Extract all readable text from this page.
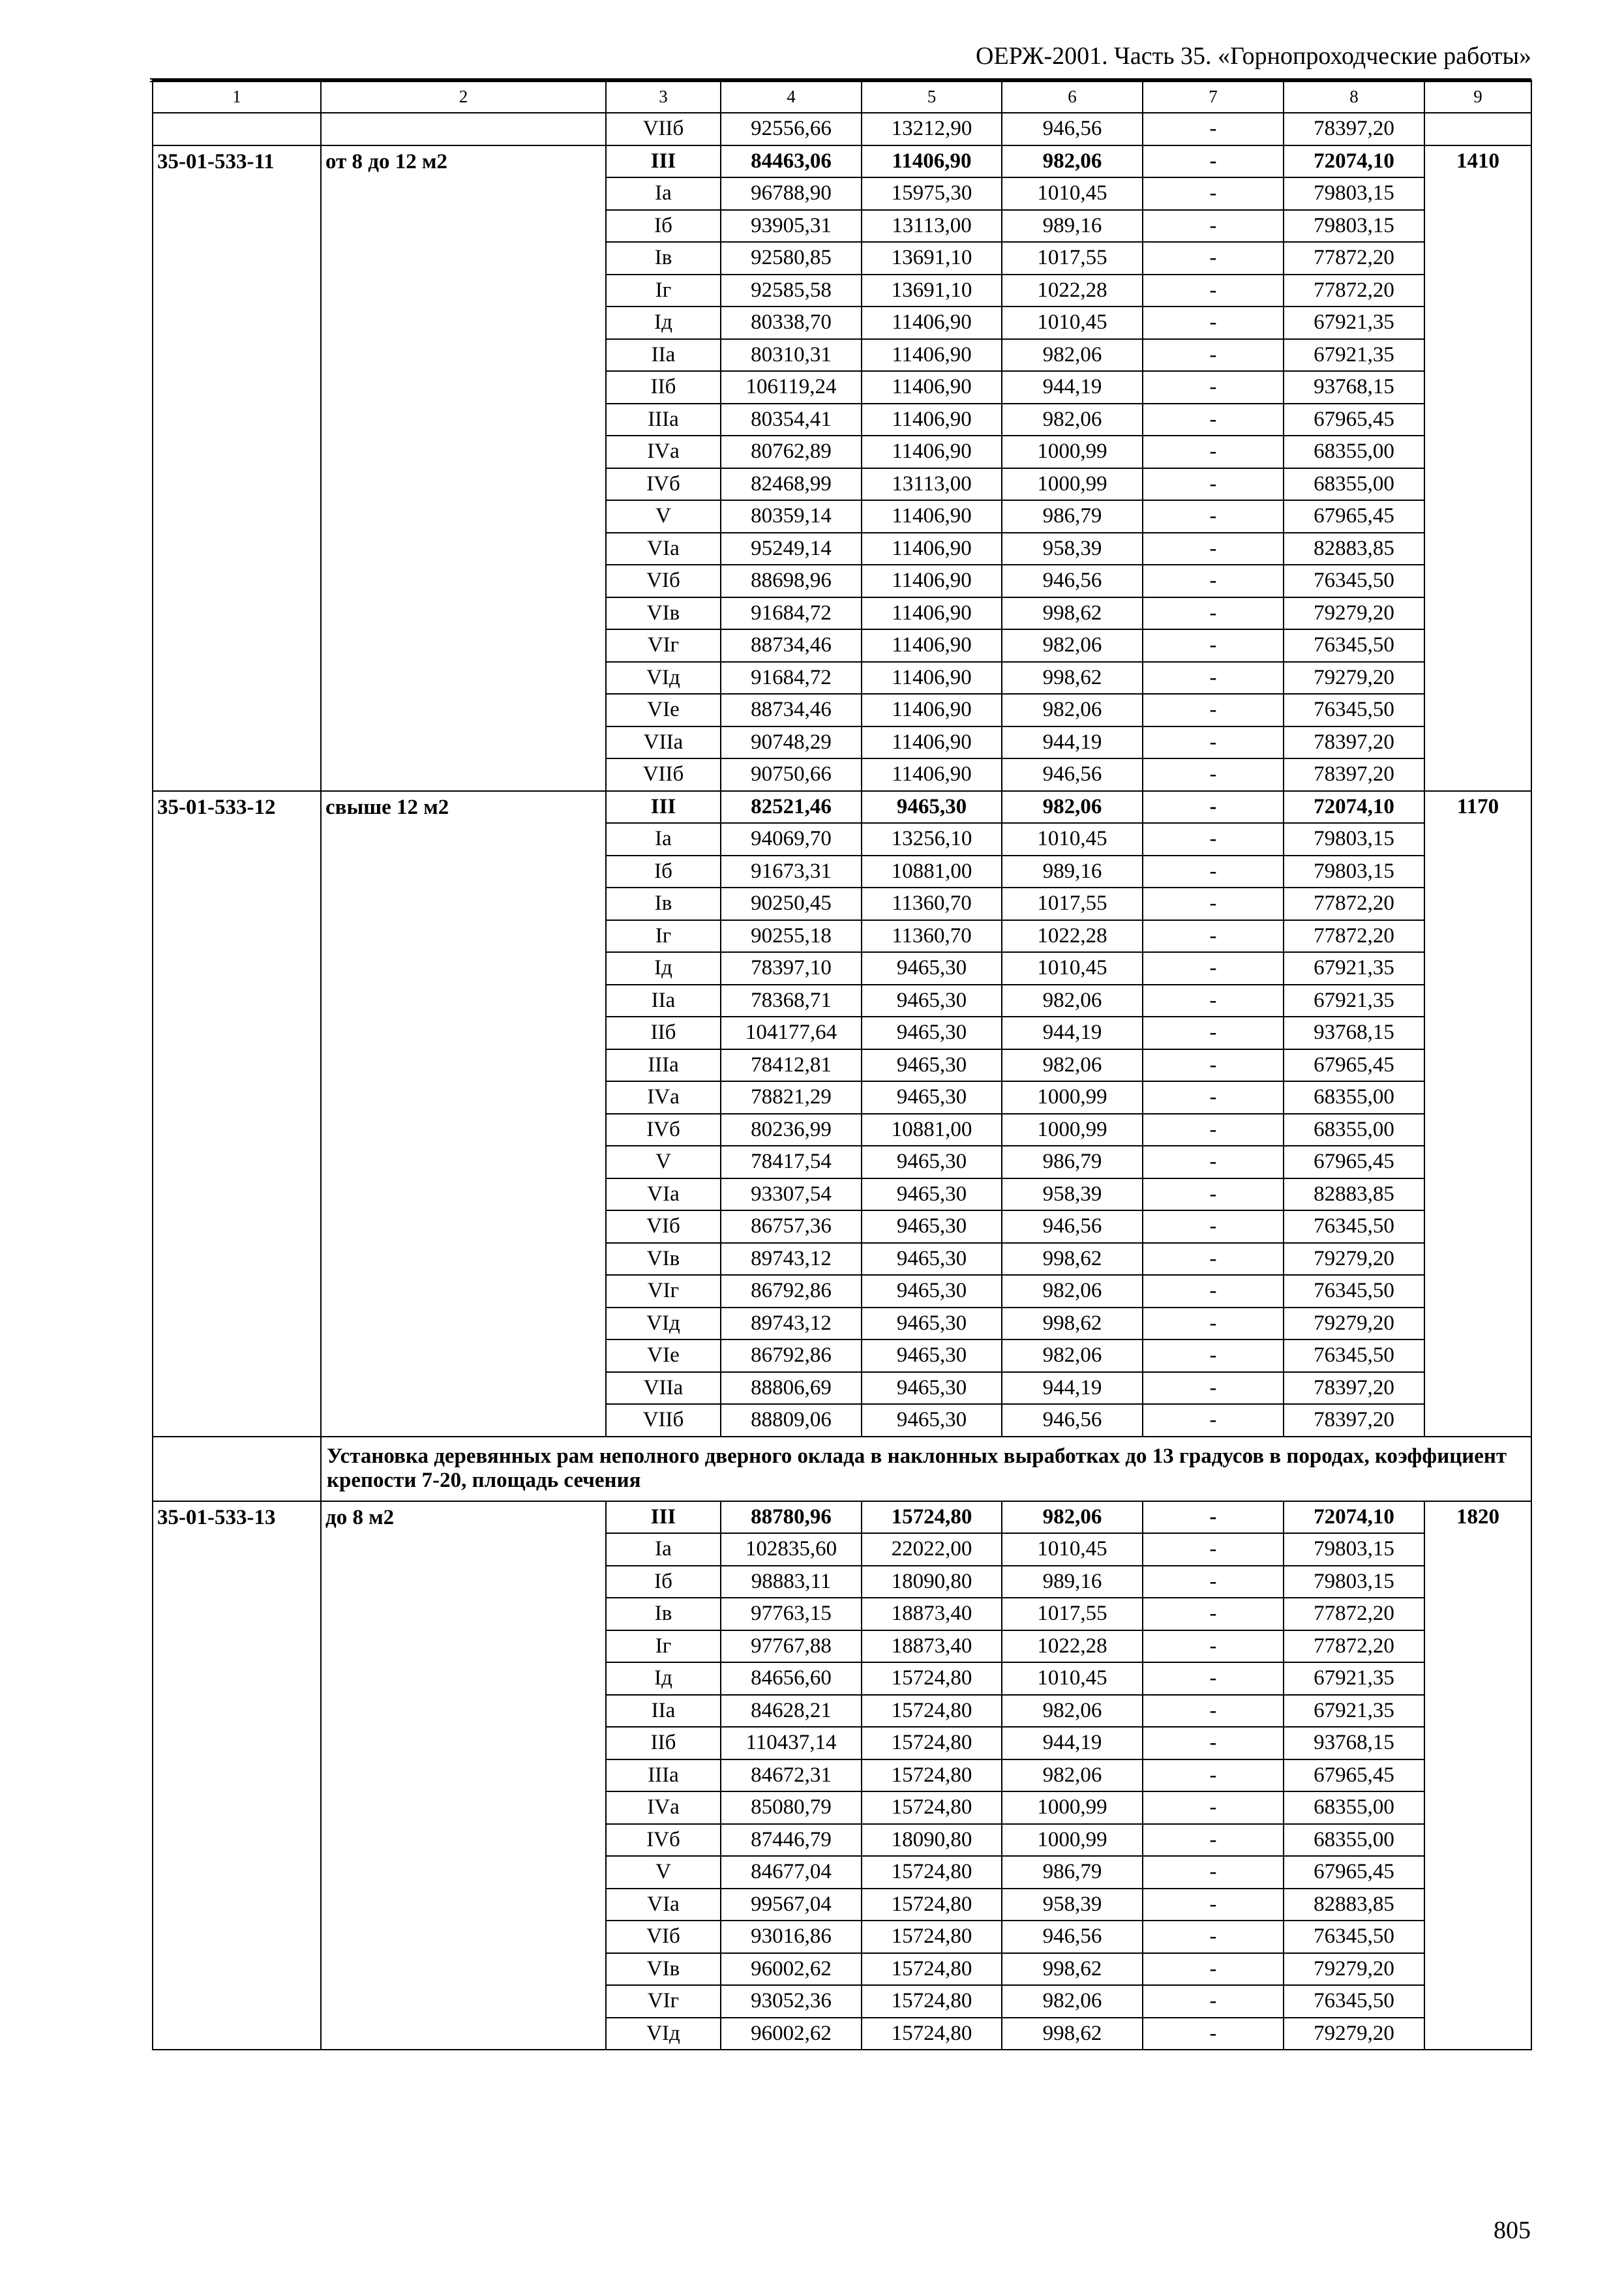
ОЕРЖ-2001. Часть 35. «Горнопроходческие работы»
1	2	3	4	5	6	7	8	9
		VIIб	92556,66	13212,90	946,56	-	78397,20	
35-01-533-11	от 8 до 12 м2	III	84463,06	11406,90	982,06	-	72074,10	1410
		Iа	96788,90	15975,30	1010,45	-	79803,15	
		Iб	93905,31	13113,00	989,16	-	79803,15	
		Iв	92580,85	13691,10	1017,55	-	77872,20	
		Iг	92585,58	13691,10	1022,28	-	77872,20	
		Iд	80338,70	11406,90	1010,45	-	67921,35	
		IIа	80310,31	11406,90	982,06	-	67921,35	
		IIб	106119,24	11406,90	944,19	-	93768,15	
		IIIа	80354,41	11406,90	982,06	-	67965,45	
		IVа	80762,89	11406,90	1000,99	-	68355,00	
		IVб	82468,99	13113,00	1000,99	-	68355,00	
		V	80359,14	11406,90	986,79	-	67965,45	
		VIа	95249,14	11406,90	958,39	-	82883,85	
		VIб	88698,96	11406,90	946,56	-	76345,50	
		VIв	91684,72	11406,90	998,62	-	79279,20	
		VIг	88734,46	11406,90	982,06	-	76345,50	
		VIд	91684,72	11406,90	998,62	-	79279,20	
		VIе	88734,46	11406,90	982,06	-	76345,50	
		VIIа	90748,29	11406,90	944,19	-	78397,20	
		VIIб	90750,66	11406,90	946,56	-	78397,20	
35-01-533-12	свыше 12 м2	III	82521,46	9465,30	982,06	-	72074,10	1170
		Iа	94069,70	13256,10	1010,45	-	79803,15	
		Iб	91673,31	10881,00	989,16	-	79803,15	
		Iв	90250,45	11360,70	1017,55	-	77872,20	
		Iг	90255,18	11360,70	1022,28	-	77872,20	
		Iд	78397,10	9465,30	1010,45	-	67921,35	
		IIа	78368,71	9465,30	982,06	-	67921,35	
		IIб	104177,64	9465,30	944,19	-	93768,15	
		IIIа	78412,81	9465,30	982,06	-	67965,45	
		IVа	78821,29	9465,30	1000,99	-	68355,00	
		IVб	80236,99	10881,00	1000,99	-	68355,00	
		V	78417,54	9465,30	986,79	-	67965,45	
		VIа	93307,54	9465,30	958,39	-	82883,85	
		VIб	86757,36	9465,30	946,56	-	76345,50	
		VIв	89743,12	9465,30	998,62	-	79279,20	
		VIг	86792,86	9465,30	982,06	-	76345,50	
		VIд	89743,12	9465,30	998,62	-	79279,20	
		VIе	86792,86	9465,30	982,06	-	76345,50	
		VIIа	88806,69	9465,30	944,19	-	78397,20	
		VIIб	88809,06	9465,30	946,56	-	78397,20	
	Установка деревянных рам неполного дверного оклада в наклонных выработках до 13 градусов в породах, коэффициент крепости 7-20, площадь сечения							
35-01-533-13	до 8 м2	III	88780,96	15724,80	982,06	-	72074,10	1820
		Iа	102835,60	22022,00	1010,45	-	79803,15	
		Iб	98883,11	18090,80	989,16	-	79803,15	
		Iв	97763,15	18873,40	1017,55	-	77872,20	
		Iг	97767,88	18873,40	1022,28	-	77872,20	
		Iд	84656,60	15724,80	1010,45	-	67921,35	
		IIа	84628,21	15724,80	982,06	-	67921,35	
		IIб	110437,14	15724,80	944,19	-	93768,15	
		IIIа	84672,31	15724,80	982,06	-	67965,45	
		IVа	85080,79	15724,80	1000,99	-	68355,00	
		IVб	87446,79	18090,80	1000,99	-	68355,00	
		V	84677,04	15724,80	986,79	-	67965,45	
		VIа	99567,04	15724,80	958,39	-	82883,85	
		VIб	93016,86	15724,80	946,56	-	76345,50	
		VIв	96002,62	15724,80	998,62	-	79279,20	
		VIг	93052,36	15724,80	982,06	-	76345,50	
		VIд	96002,62	15724,80	998,62	-	79279,20	
805
